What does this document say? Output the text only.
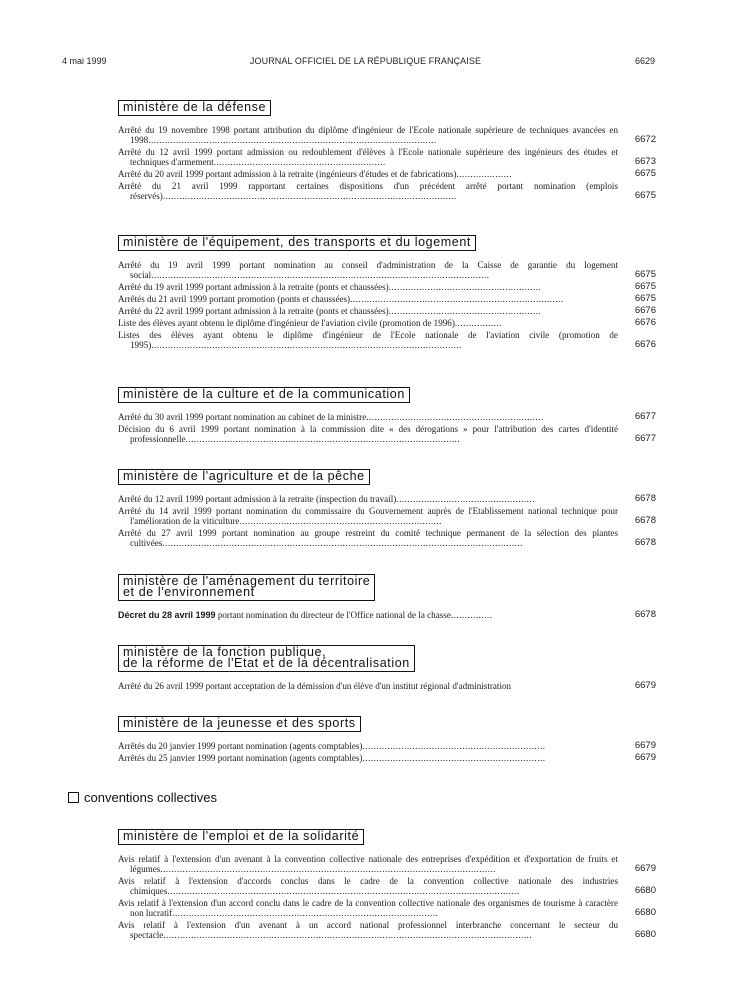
4 mai 1999	JOURNAL OFFICIEL DE LA RÉPUBLIQUE FRANÇAISE	6629
ministère de la défense
Arrêté du 19 novembre 1998 portant attribution du diplôme d'ingénieur de l'Ecole nationale supérieure de techniques avancées en 1998........................................................................................................	6672
Arrêté du 12 avril 1999 portant admission ou redoublement d'élèves à l'Ecole nationale supérieure des ingénieurs des études et techniques d'armement..............................................................	6673
Arrêté du 20 avril 1999 portant admission à la retraite (ingénieurs d'études et de fabrications)....................	6675
Arrêté du 21 avril 1999 rapportant certaines dispositions d'un précédent arrêté portant nomination (emplois réservés)..........................................................................................................	6675
ministère de l'équipement, des transports et du logement
Arrêté du 19 avril 1999 portant nomination au conseil d'administration de la Caisse de garantie du logement social..........................................................................................................................	6675
Arrêté du 19 avril 1999 portant admission à la retraite (ponts et chaussées).......................................................	6675
Arrêtés du 21 avril 1999 portant promotion (ponts et chaussées).............................................................................	6675
Arrêté du 22 avril 1999 portant admission à la retraite (ponts et chaussées).......................................................	6676
Liste des élèves ayant obtenu le diplôme d'ingénieur de l'aviation civile (promotion de 1996).................	6676
Listes des élèves ayant obtenu le diplôme d'ingénieur de l'Ecole nationale de l'aviation civile (promotion de 1995)................................................................................................................	6676
ministère de la culture et de la communication
Arrêté du 30 avril 1999 portant nomination au cabinet de la ministre................................................................	6677
Décision du 6 avril 1999 portant nomination à la commission dite « des dérogations » pour l'attribution des cartes d'identité professionnelle...................................................................................................	6677
ministère de l'agriculture et de la pêche
Arrêté du 12 avril 1999 portant admission à la retraite (inspection du travail)..................................................	6678
Arrêté du 14 avril 1999 portant nomination du commissaire du Gouvernement auprès de l'Etablissement national technique pour l'amélioration de la viticulture.........................................................................	6678
Arrêté du 27 avril 1999 portant nomination au groupe restreint du comité technique permanent de la sélection des plantes cultivées..................................................................................................................................	6678
ministère de l'aménagement du territoire
et de l'environnement
Décret du 28 avril 1999 portant nomination du directeur de l'Office national de la chasse...............	6678
ministère de la fonction publique,
de la réforme de l'Etat et de la décentralisation
Arrêté du 26 avril 1999 portant acceptation de la démission d'un élève d'un institut régional d'administration	6679
ministère de la jeunesse et des sports
Arrêtés du 20 janvier 1999 portant nomination (agents comptables)..................................................................	6679
Arrêtés du 25 janvier 1999 portant nomination (agents comptables)..................................................................	6679
conventions collectives
ministère de l'emploi et de la solidarité
Avis relatif à l'extension d'un avenant à la convention collective nationale des entreprises d'expédition et d'exportation de fruits et légumes.........................................................................................................................	6679
Avis relatif à l'extension d'accords conclus dans le cadre de la convention collective nationale des industries chimiques...............................................................................................................................	6680
Avis relatif à l'extension d'un accord conclu dans le cadre de la convention collective nationale des organismes de tourisme à caractère non lucratif................................................................................................	6680
Avis relatif à l'extension d'un avenant à un accord national professionnel interbranche concernant le secteur du spectacle.....................................................................................................................................	6680
